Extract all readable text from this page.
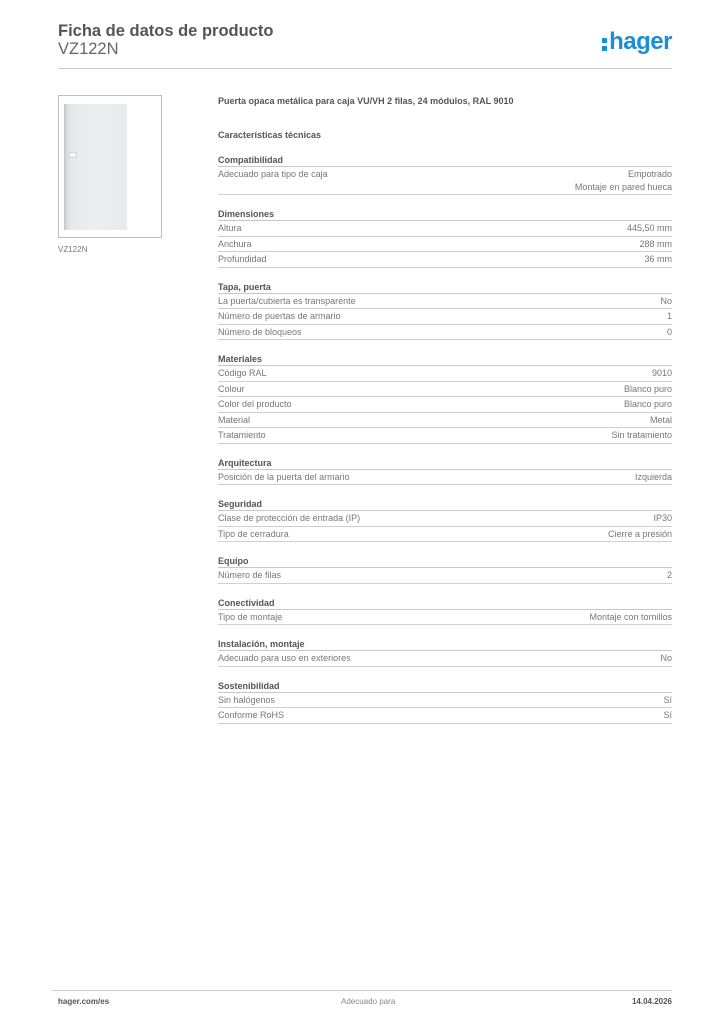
Ficha de datos de producto
VZ122N	hager
VZ122N
Puerta opaca metálica para caja VU/VH 2 filas, 24 módulos, RAL 9010
Características técnicas
Compatibilidad
Adecuado para tipo de caja	Empotrado
Montaje en pared hueca
Dimensiones
Altura	445,50 mm
Anchura	288 mm
Profundidad	36 mm
Tapa, puerta
La puerta/cubierta es transparente	No
Número de puertas de armario	1
Número de bloqueos	0
Materiales
Código RAL	9010
Colour	Blanco puro
Color del producto	Blanco puro
Material	Metal
Tratamiento	Sin tratamiento
Arquitectura
Posición de la puerta del armario	Izquierda
Seguridad
Clase de protección de entrada (IP)	IP30
Tipo de cerradura	Cierre a presión
Equipo
Número de filas	2
Conectividad
Tipo de montaje	Montaje con tornillos
Instalación, montaje
Adecuado para uso en exteriores	No
Sostenibilidad
Sin halógenos	Sí
Conforme RoHS	Sí
hager.com/es	Adecuado para	14.04.2026
